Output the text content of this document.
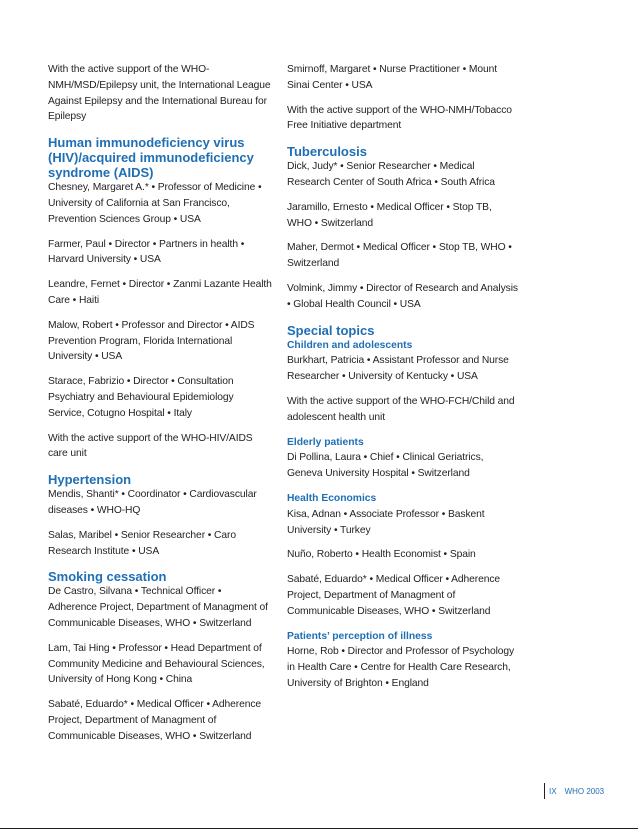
With the active support of the WHO-NMH/MSD/Epilepsy unit, the International League Against Epilepsy and the International Bureau for Epilepsy

Human immunodeficiency virus (HIV)/acquired immunodeficiency syndrome (AIDS)

Chesney, Margaret A.* • Professor of Medicine • University of California at San Francisco, Prevention Sciences Group • USA

Farmer, Paul • Director • Partners in health • Harvard University • USA

Leandre, Fernet • Director • Zanmi Lazante Health Care • Haiti

Malow, Robert • Professor and Director • AIDS Prevention Program, Florida International University • USA

Starace, Fabrizio • Director • Consultation Psychiatry and Behavioural Epidemiology Service, Cotugno Hospital • Italy

With the active support of the WHO-HIV/AIDS care unit

Hypertension

Mendis, Shanti* • Coordinator • Cardiovascular diseases • WHO-HQ

Salas, Maribel • Senior Researcher • Caro Research Institute • USA

Smoking cessation

De Castro, Silvana • Technical Officer • Adherence Project, Department of Managment of Communicable Diseases, WHO • Switzerland

Lam, Tai Hing • Professor • Head Department of Community Medicine and Behavioural Sciences, University of Hong Kong • China

Sabaté, Eduardo* • Medical Officer • Adherence Project, Department of Managment of Communicable Diseases, WHO • Switzerland

Smirnoff, Margaret • Nurse Practitioner • Mount Sinai Center • USA

With the active support of the WHO-NMH/Tobacco Free Initiative department

Tuberculosis

Dick, Judy* • Senior Researcher • Medical Research Center of South Africa • South Africa

Jaramillo, Ernesto • Medical Officer • Stop TB, WHO • Switzerland

Maher, Dermot • Medical Officer • Stop TB, WHO • Switzerland

Volmink, Jimmy • Director of Research and Analysis • Global Health Council • USA

Special topics
Children and adolescents

Burkhart, Patricia • Assistant Professor and Nurse Researcher • University of Kentucky • USA

With the active support of the WHO-FCH/Child and adolescent health unit

Elderly patients

Di Pollina, Laura • Chief • Clinical Geriatrics, Geneva University Hospital • Switzerland

Health Economics

Kisa, Adnan • Associate Professor • Baskent University • Turkey

Nuño, Roberto • Health Economist • Spain

Sabaté, Eduardo* • Medical Officer • Adherence Project, Department of Managment of Communicable Diseases, WHO • Switzerland

Patients’ perception of illness

Horne, Rob • Director and Professor of Psychology in Health Care • Centre for Health Care Research, University of Brighton • England

IX WHO 2003
